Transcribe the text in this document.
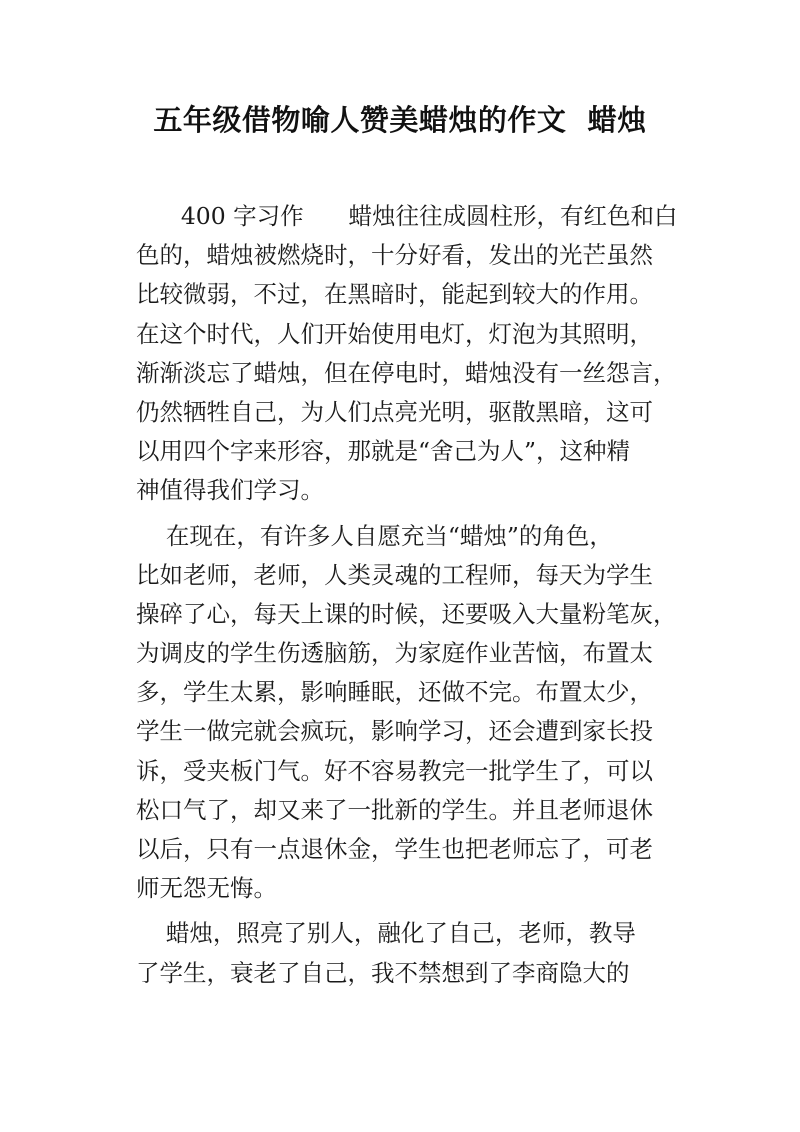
五年级借物喻人赞美蜡烛的作文  蜡烛
400 字习作      蜡烛往往成圆柱形，有红色和白
色的，蜡烛被燃烧时，十分好看，发出的光芒虽然
比较微弱，不过，在黑暗时，能起到较大的作用。
在这个时代，人们开始使用电灯，灯泡为其照明，
渐渐淡忘了蜡烛，但在停电时，蜡烛没有一丝怨言，
仍然牺牲自己，为人们点亮光明，驱散黑暗，这可
以用四个字来形容，那就是“舍己为人”，这种精
神值得我们学习。
在现在，有许多人自愿充当“蜡烛”的角色，
比如老师，老师，人类灵魂的工程师，每天为学生
操碎了心，每天上课的时候，还要吸入大量粉笔灰，
为调皮的学生伤透脑筋，为家庭作业苦恼，布置太
多，学生太累，影响睡眠，还做不完。布置太少，
学生一做完就会疯玩，影响学习，还会遭到家长投
诉，受夹板门气。好不容易教完一批学生了，可以
松口气了，却又来了一批新的学生。并且老师退休
以后，只有一点退休金，学生也把老师忘了，可老
师无怨无悔。
蜡烛，照亮了别人，融化了自己，老师，教导
了学生，衰老了自己，我不禁想到了李商隐大的
